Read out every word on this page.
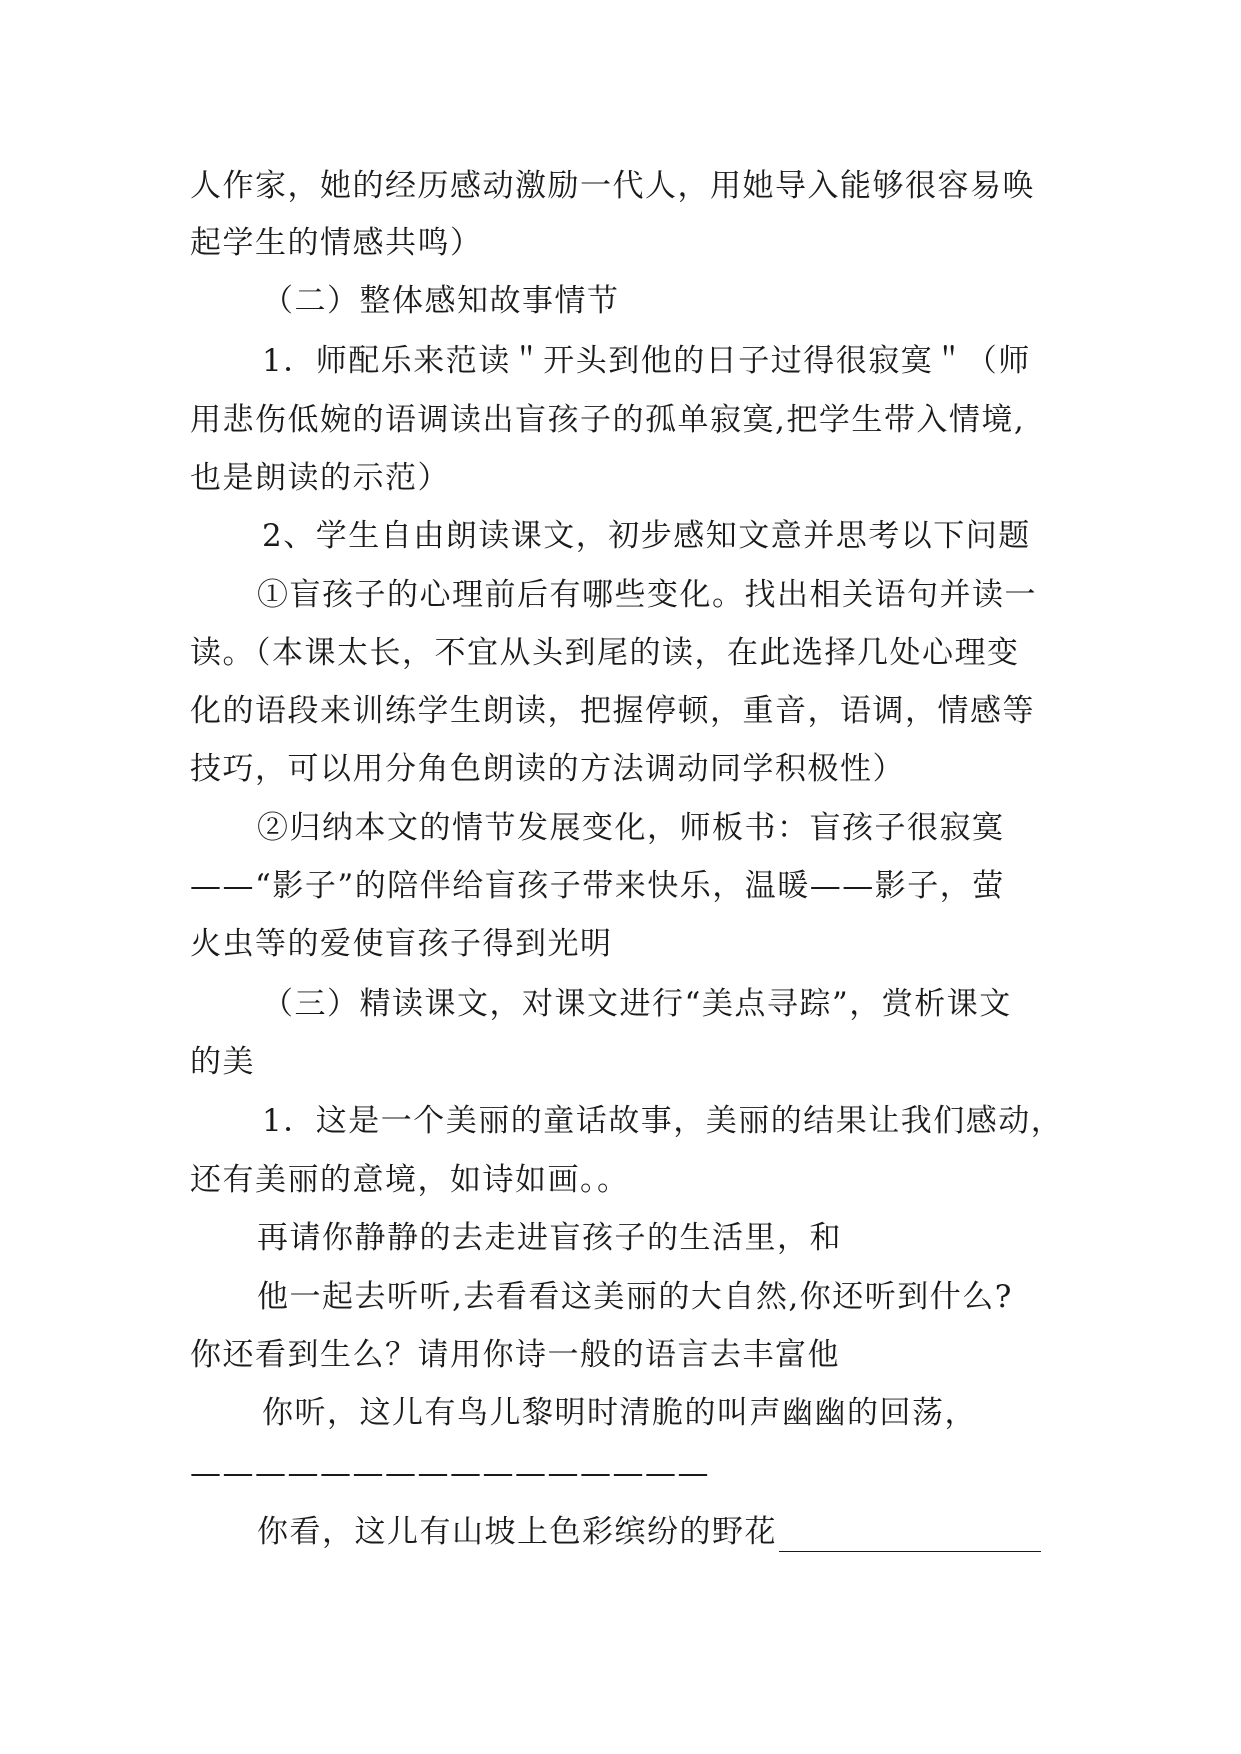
人作家，她的经历感动激励一代人，用她导入能够很容易唤
起学生的情感共鸣）
（二）整体感知故事情节
1．师配乐来范读＂开头到他的日子过得很寂寞＂（师
用悲伤低婉的语调读出盲孩子的孤单寂寞,把学生带入情境,
也是朗读的示范）
2、学生自由朗读课文，初步感知文意并思考以下问题
①盲孩子的心理前后有哪些变化。找出相关语句并读一
读。（本课太长，不宜从头到尾的读，在此选择几处心理变
化的语段来训练学生朗读，把握停顿，重音，语调，情感等
技巧，可以用分角色朗读的方法调动同学积极性）
②归纳本文的情节发展变化，师板书：盲孩子很寂寞
——“影子”的陪伴给盲孩子带来快乐，温暖——影子，萤
火虫等的爱使盲孩子得到光明
（三）精读课文，对课文进行“美点寻踪”，赏析课文
的美
1．这是一个美丽的童话故事，美丽的结果让我们感动，
还有美丽的意境，如诗如画。。
再请你静静的去走进盲孩子的生活里，和
他一起去听听,去看看这美丽的大自然,你还听到什么?
你还看到生么？请用你诗一般的语言去丰富他
你听，这儿有鸟儿黎明时清脆的叫声幽幽的回荡，
————————————————
你看，这儿有山坡上色彩缤纷的野花
